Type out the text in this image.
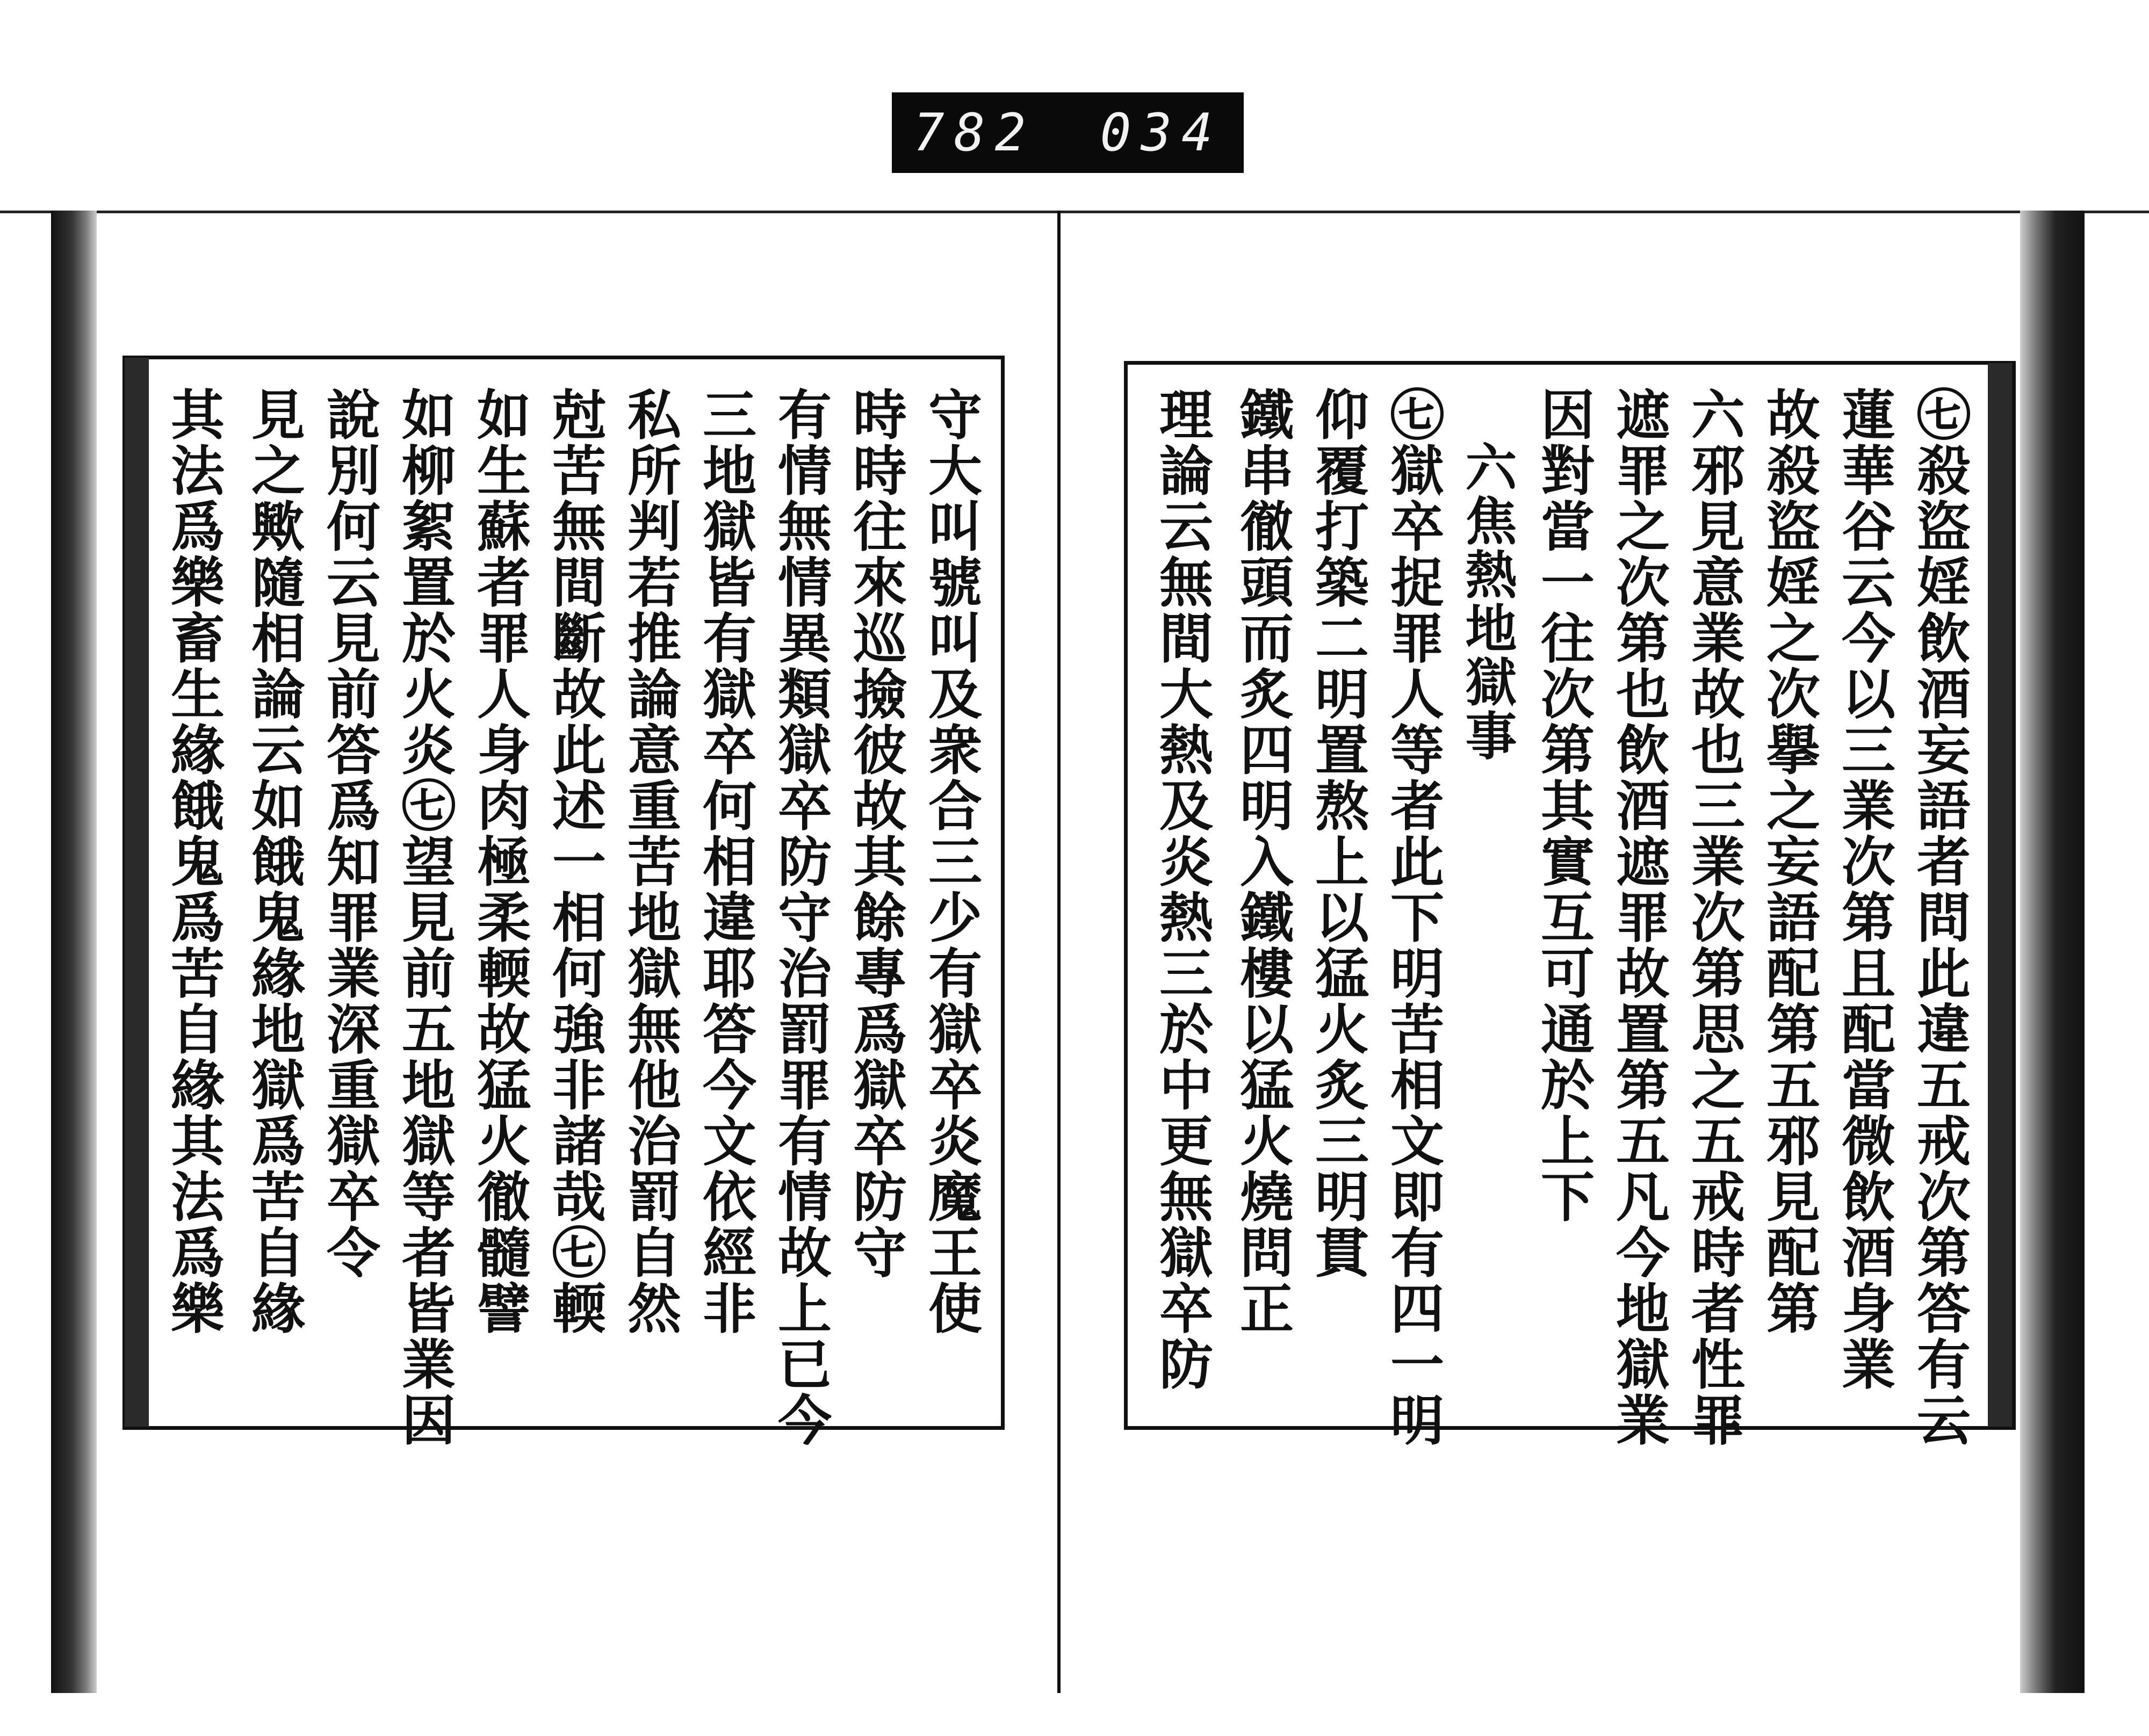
782 034
㊆殺盜婬飲酒妄語者問此違五戒次第答有云
蓮華谷云今以三業次第且配當微飲酒身業
故殺盜婬之次擧之妄語配第五邪見配第
六邪見意業故也三業次第思之五戒時者性罪
遮罪之次第也飲酒遮罪故置第五凡今地獄業
因對當一往次第其實互可通於上下
六焦熱地獄事
㊆獄卒捉罪人等者此下明苦相文即有四一明
仰覆打築二明置熬上以猛火炙三明貫
鐵串徹頭而炙四明入鐵樓以猛火燒問正
理論云無間大熱及炎熱三於中更無獄卒防
守大叫號叫及衆合三少有獄卒炎魔王使
時時往來巡撿彼故其餘專爲獄卒防守
有情無情異類獄卒防守治罰罪有情故上已今
三地獄皆有獄卒何相違耶答今文依經非
私所判若推論意重苦地獄無他治罰自然
尅苦無間斷故此述一相何強非諸哉㊆輭
如生蘇者罪人身肉極柔輭故猛火徹髓譬
如柳絮置於火炎㊆望見前五地獄等者皆業因
說別何云見前答爲知罪業深重獄卒令
見之歟隨相論云如餓鬼緣地獄爲苦自緣
其法爲樂畜生緣餓鬼爲苦自緣其法爲樂
